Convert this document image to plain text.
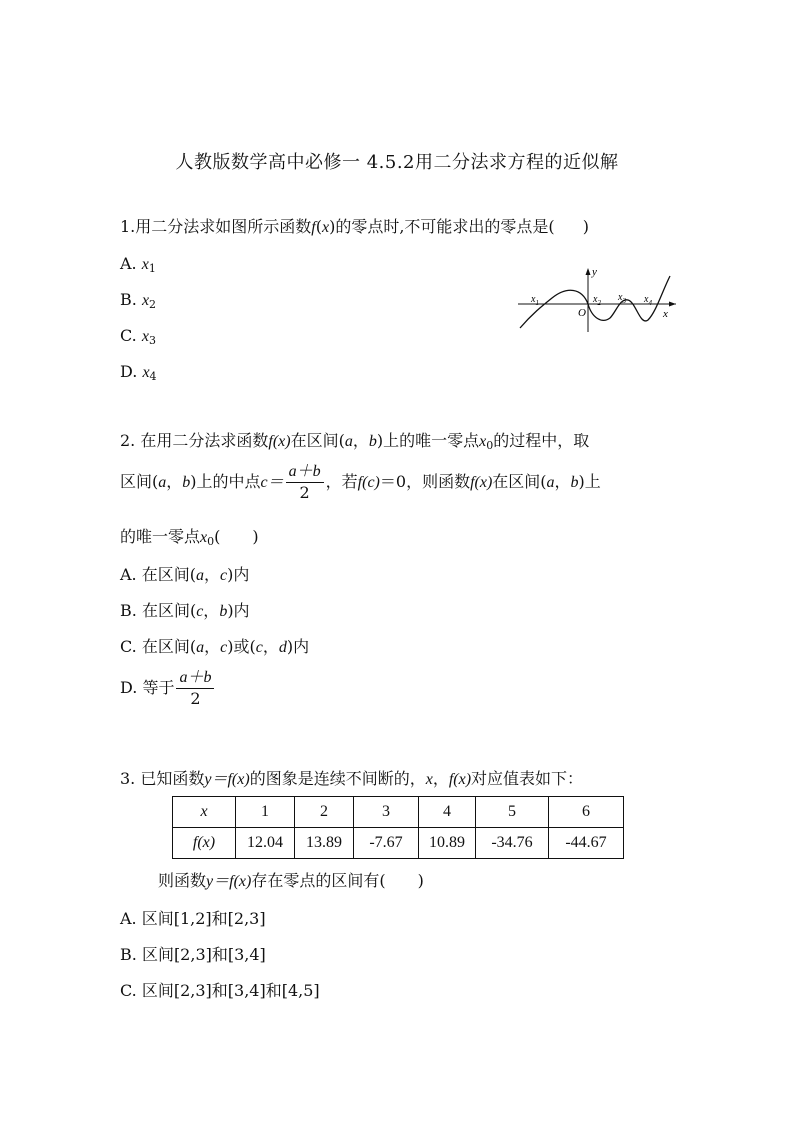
人教版数学高中必修一 4.5.2用二分法求方程的近似解
1.用二分法求如图所示函数f(x)的零点时,不可能求出的零点是( )
A. $x_1$
B. $x_2$
C. $x_3$
D. $x_4$
y
x
O
$x_1$	$x_2$ $x_3$ $x_4$
2. 在用二分法求函数f(x)在区间(a，b)上的唯一零点$x_0$的过程中，取
区间(a，b)上的中点$c= \frac{a+b}{2}$ ，若f(c)＝0，则函数f(x)在区间(a，b)上
的唯一零点$x_0$(　　)
A. 在区间(a，c)内
B. 在区间(c，b)内
C. 在区间(a，c)或(c，d)内
D. 等于 $\frac{a+b}{2}$
3. 已知函数y＝f(x)的图象是连续不间断的，x，f(x)对应值表如下：
x	1	2	3	4	5	6
f(x)	12.04	13.89	-7.67	10.89	-34.76	-44.67
则函数y＝f(x)存在零点的区间有(　　)
A. 区间[1,2]和[2,3]
B. 区间[2,3]和[3,4]
C. 区间[2,3]和[3,4]和[4,5]
